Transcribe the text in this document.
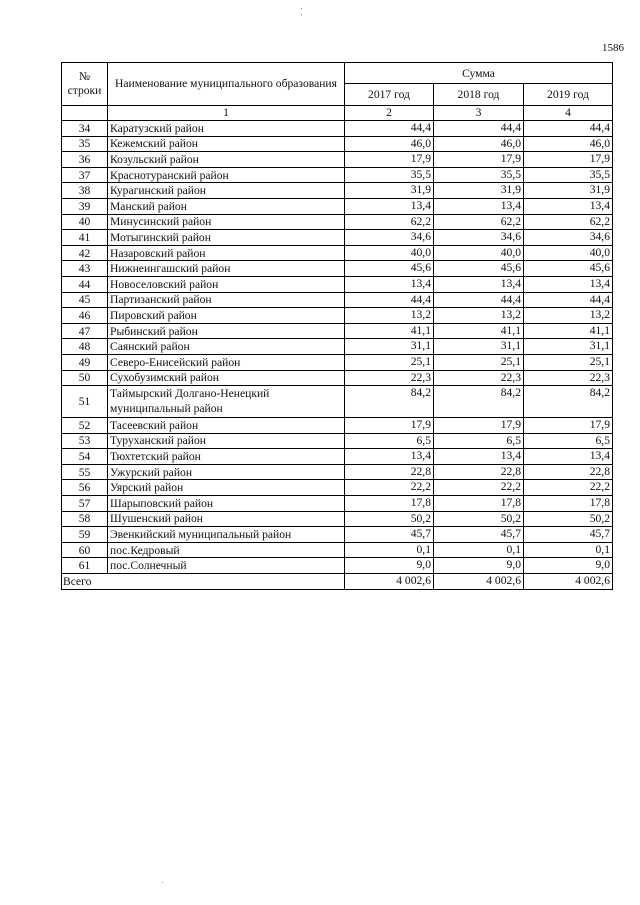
1586
№ строки	Наименование муниципального образования	Сумма		
		2017 год	2018 год	2019 год
	1	2	3	4
34	Каратузский район	44,4	44,4	44,4
35	Кежемский район	46,0	46,0	46,0
36	Козульский район	17,9	17,9	17,9
37	Краснотуранский район	35,5	35,5	35,5
38	Курагинский район	31,9	31,9	31,9
39	Манский район	13,4	13,4	13,4
40	Минусинский район	62,2	62,2	62,2
41	Мотыгинский район	34,6	34,6	34,6
42	Назаровский район	40,0	40,0	40,0
43	Нижнеингашский район	45,6	45,6	45,6
44	Новоселовский район	13,4	13,4	13,4
45	Партизанский район	44,4	44,4	44,4
46	Пировский район	13,2	13,2	13,2
47	Рыбинский район	41,1	41,1	41,1
48	Саянский район	31,1	31,1	31,1
49	Северо-Енисейский район	25,1	25,1	25,1
50	Сухобузимский район	22,3	22,3	22,3
51	Таймырский Долгано-Ненецкий муниципальный район	84,2	84,2	84,2
52	Тасеевский район	17,9	17,9	17,9
53	Туруханский район	6,5	6,5	6,5
54	Тюхтетский район	13,4	13,4	13,4
55	Ужурский район	22,8	22,8	22,8
56	Уярский район	22,2	22,2	22,2
57	Шарыповский район	17,8	17,8	17,8
58	Шушенский район	50,2	50,2	50,2
59	Эвенкийский муниципальный район	45,7	45,7	45,7
60	пос.Кедровый	0,1	0,1	0,1
61	пос.Солнечный	9,0	9,0	9,0
Всего		4 002,6	4 002,6	4 002,6
